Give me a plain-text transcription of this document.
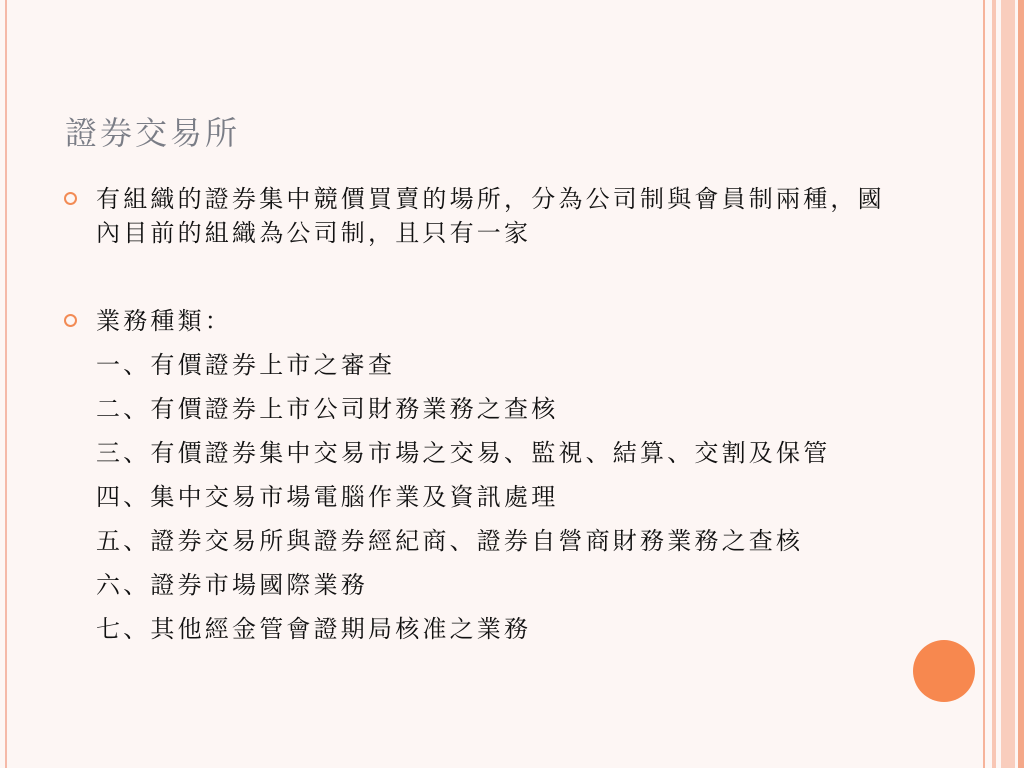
證券交易所
有組織的證券集中競價買賣的場所，分為公司制與會員制兩種，國內目前的組織為公司制，且只有一家
業務種類：
一、有價證券上市之審查
二、有價證券上市公司財務業務之查核
三、有價證券集中交易市場之交易、監視、結算、交割及保管
四、集中交易市場電腦作業及資訊處理
五、證券交易所與證券經紀商、證券自營商財務業務之查核
六、證券市場國際業務
七、其他經金管會證期局核准之業務
